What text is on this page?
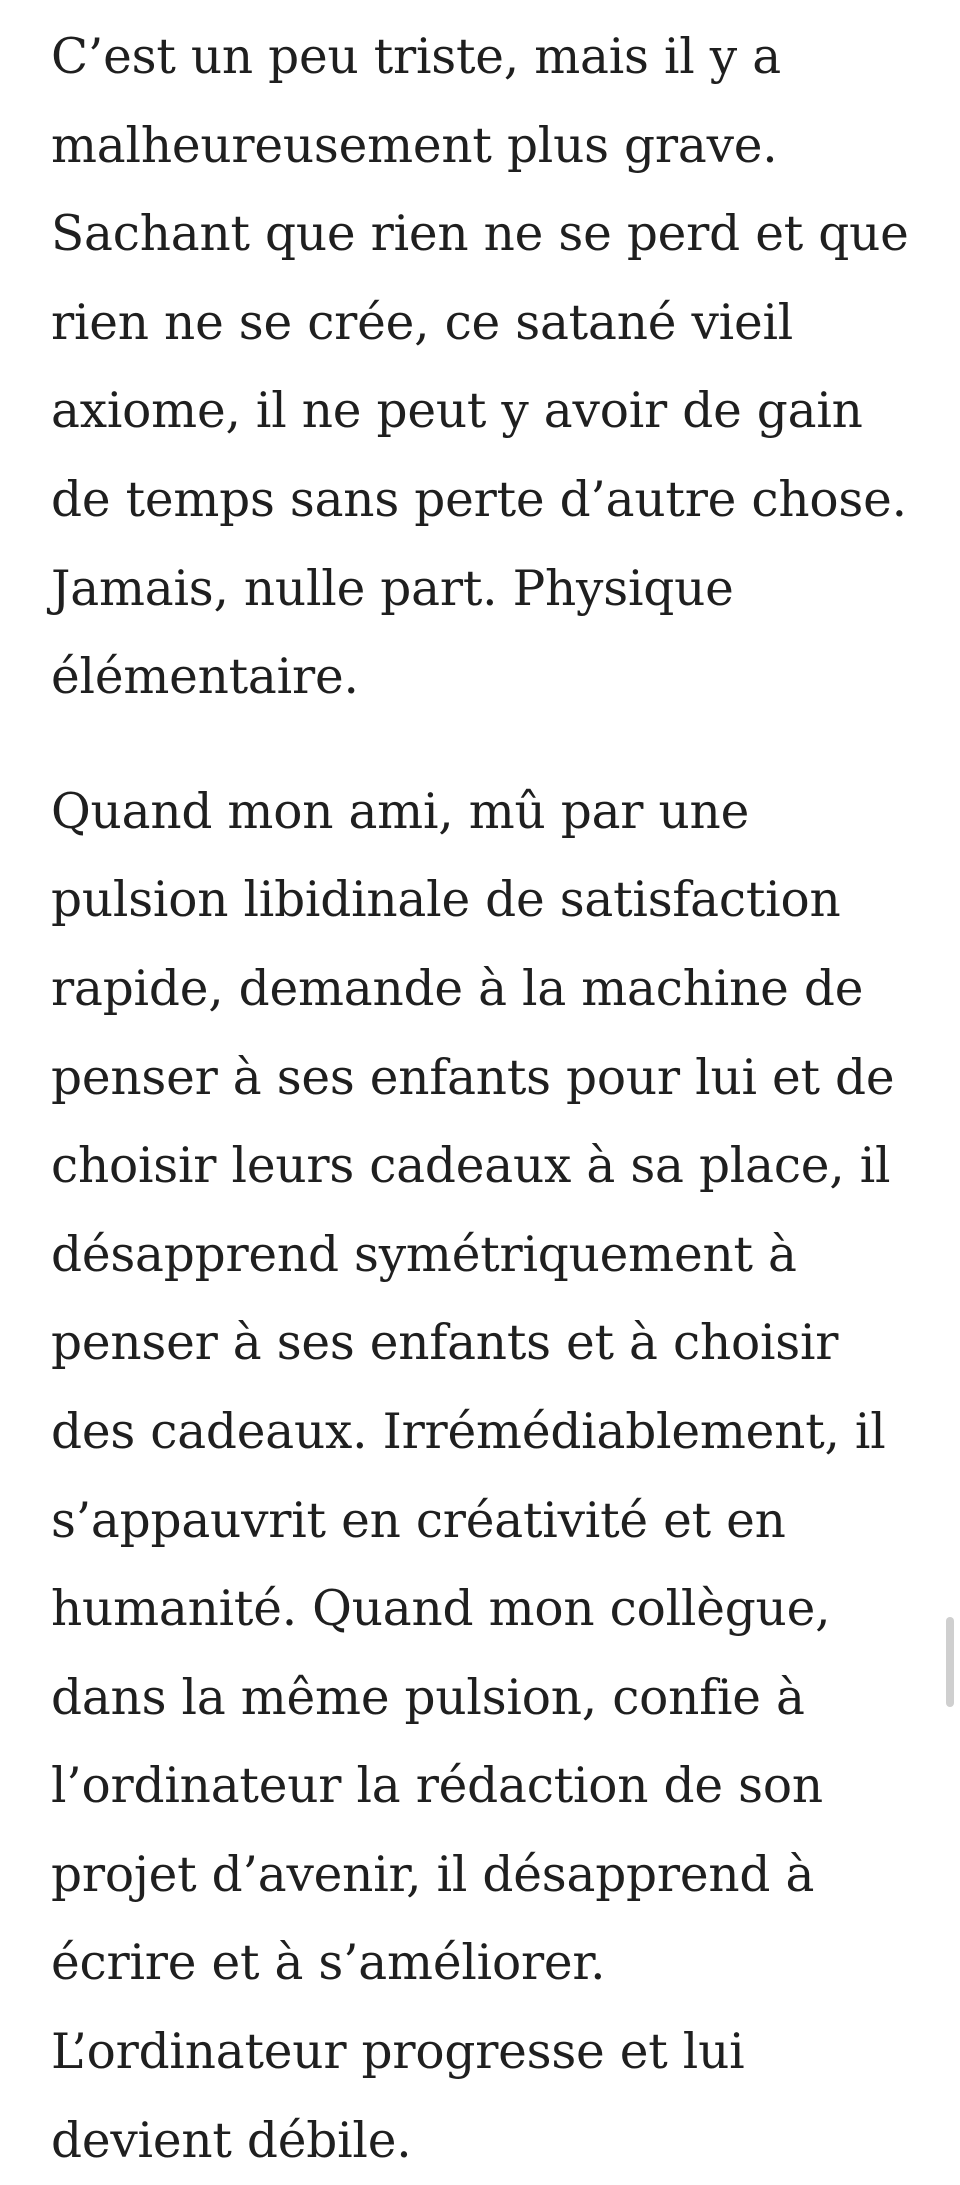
C’est un peu triste, mais il y a
malheureusement plus grave.
Sachant que rien ne se perd et que
rien ne se crée, ce satané vieil
axiome, il ne peut y avoir de gain
de temps sans perte d’autre chose.
Jamais, nulle part. Physique
élémentaire.

Quand mon ami, mû par une
pulsion libidinale de satisfaction
rapide, demande à la machine de
penser à ses enfants pour lui et de
choisir leurs cadeaux à sa place, il
désapprend symétriquement à
penser à ses enfants et à choisir
des cadeaux. Irrémédiablement, il
s’appauvrit en créativité et en
humanité. Quand mon collègue,
dans la même pulsion, confie à
l’ordinateur la rédaction de son
projet d’avenir, il désapprend à
écrire et à s’améliorer.
L’ordinateur progresse et lui
devient débile.
